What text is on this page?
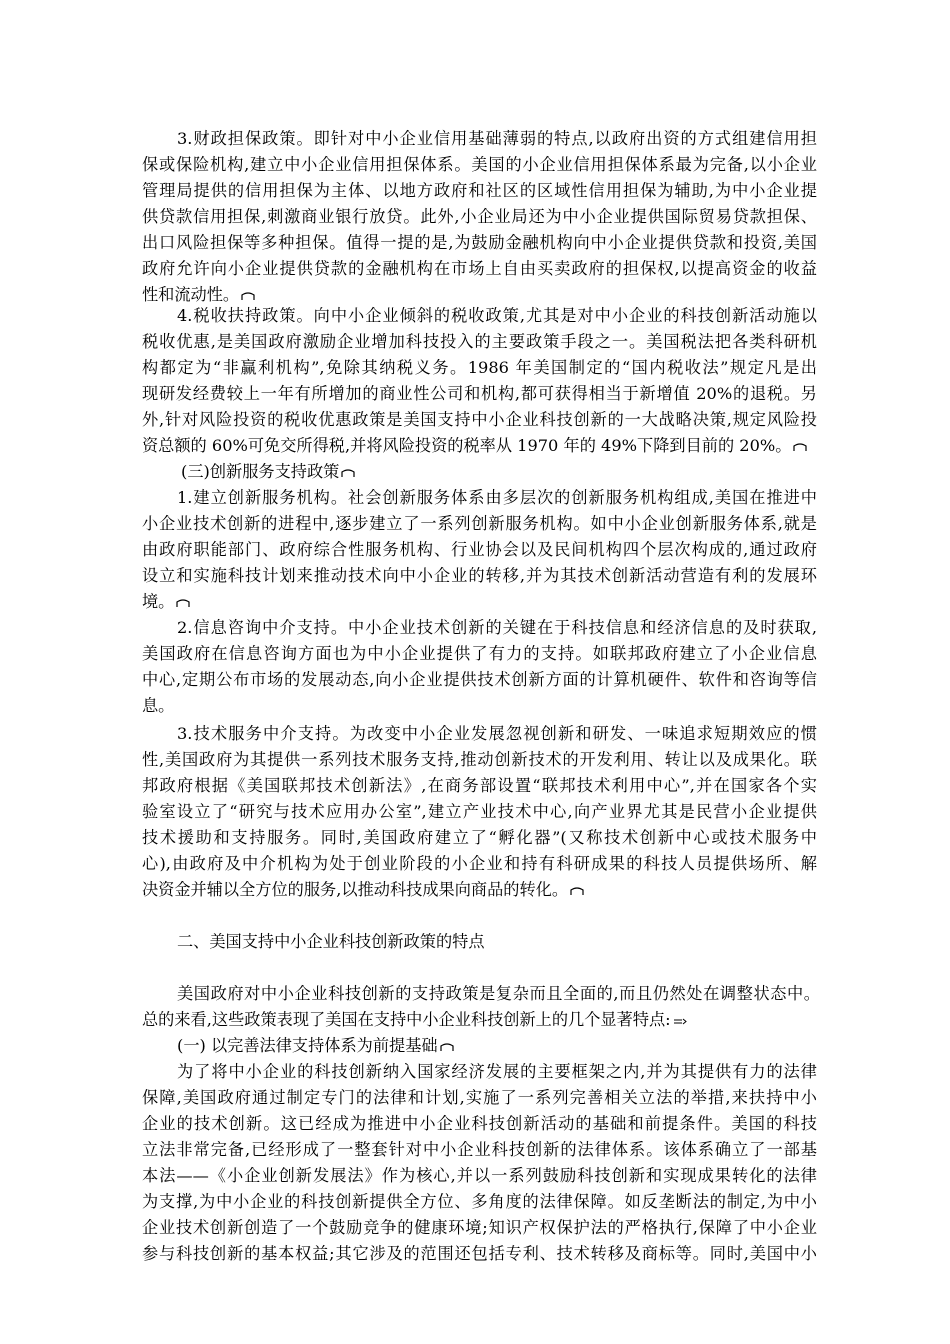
3.财政担保政策。即针对中小企业信用基础薄弱的特点,以政府出资的方式组建信用担
保或保险机构,建立中小企业信用担保体系。美国的小企业信用担保体系最为完备,以小企业
管理局提供的信用担保为主体、以地方政府和社区的区域性信用担保为辅助,为中小企业提
供贷款信用担保,刺激商业银行放贷。此外,小企业局还为中小企业提供国际贸易贷款担保、
出口风险担保等多种担保。值得一提的是,为鼓励金融机构向中小企业提供贷款和投资,美国
政府允许向小企业提供贷款的金融机构在市场上自由买卖政府的担保权,以提高资金的收益
性和流动性。
4.税收扶持政策。向中小企业倾斜的税收政策,尤其是对中小企业的科技创新活动施以
税收优惠,是美国政府激励企业增加科技投入的主要政策手段之一。美国税法把各类科研机
构都定为“非赢利机构”,免除其纳税义务。1986 年美国制定的“国内税收法”规定凡是出
现研发经费较上一年有所增加的商业性公司和机构,都可获得相当于新增值 20%的退税。另
外,针对风险投资的税收优惠政策是美国支持中小企业科技创新的一大战略决策,规定风险投
资总额的 60%可免交所得税,并将风险投资的税率从 1970 年的 49%下降到目前的 20%。
(三)创新服务支持政策
1.建立创新服务机构。社会创新服务体系由多层次的创新服务机构组成,美国在推进中
小企业技术创新的进程中,逐步建立了一系列创新服务机构。如中小企业创新服务体系,就是
由政府职能部门、政府综合性服务机构、行业协会以及民间机构四个层次构成的,通过政府
设立和实施科技计划来推动技术向中小企业的转移,并为其技术创新活动营造有利的发展环
境。
2.信息咨询中介支持。中小企业技术创新的关键在于科技信息和经济信息的及时获取,
美国政府在信息咨询方面也为中小企业提供了有力的支持。如联邦政府建立了小企业信息
中心,定期公布市场的发展动态,向小企业提供技术创新方面的计算机硬件、软件和咨询等信
息。
3.技术服务中介支持。为改变中小企业发展忽视创新和研发、一味追求短期效应的惯
性,美国政府为其提供一系列技术服务支持,推动创新技术的开发利用、转让以及成果化。联
邦政府根据《美国联邦技术创新法》,在商务部设置“联邦技术利用中心”,并在国家各个实
验室设立了“研究与技术应用办公室”,建立产业技术中心,向产业界尤其是民营小企业提供
技术援助和支持服务。同时,美国政府建立了“孵化器”(又称技术创新中心或技术服务中
心),由政府及中介机构为处于创业阶段的小企业和持有科研成果的科技人员提供场所、解
决资金并辅以全方位的服务,以推动科技成果向商品的转化。
二、美国支持中小企业科技创新政策的特点
美国政府对中小企业科技创新的支持政策是复杂而且全面的,而且仍然处在调整状态中。
总的来看,这些政策表现了美国在支持中小企业科技创新上的几个显著特点:
(一) 以完善法律支持体系为前提基础
为了将中小企业的科技创新纳入国家经济发展的主要框架之内,并为其提供有力的法律
保障,美国政府通过制定专门的法律和计划,实施了一系列完善相关立法的举措,来扶持中小
企业的技术创新。这已经成为推进中小企业科技创新活动的基础和前提条件。美国的科技
立法非常完备,已经形成了一整套针对中小企业科技创新的法律体系。该体系确立了一部基
本法——《小企业创新发展法》作为核心,并以一系列鼓励科技创新和实现成果转化的法律
为支撑,为中小企业的科技创新提供全方位、多角度的法律保障。如反垄断法的制定,为中小
企业技术创新创造了一个鼓励竞争的健康环境;知识产权保护法的严格执行,保障了中小企业
参与科技创新的基本权益;其它涉及的范围还包括专利、技术转移及商标等。同时,美国中小
